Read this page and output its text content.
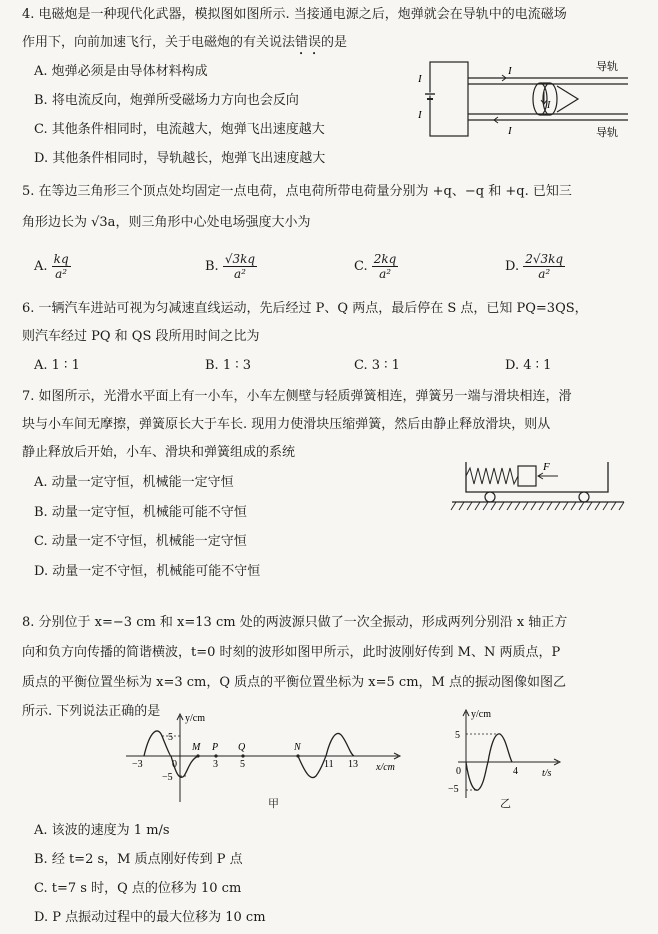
4. 电磁炮是一种现代化武器，模拟图如图所示. 当接通电源之后，炮弹就会在导轨中的电流磁场
作用下，向前加速飞行，关于电磁炮的有关说法错误的是
A. 炮弹必须是由导体材料构成
B. 将电流反向，炮弹所受磁场力方向也会反向
C. 其他条件相同时，电流越大，炮弹飞出速度越大
D. 其他条件相同时，导轨越长，炮弹飞出速度越大
I
I
I
I
I
导轨
导轨
5. 在等边三角形三个顶点处均固定一点电荷，点电荷所带电荷量分别为 +q、−q 和 +q. 已知三
角形边长为 √3a，则三角形中心处电场强度大小为
A. $\frac{kq}{\text{a²}}$	B. $\frac{√3kq}{\text{a²}}$	C. $\frac{2kq}{\text{a²}}$	D. $\frac{2√3kq}{\text{a²}}$
6. 一辆汽车进站可视为匀减速直线运动，先后经过 P、Q 两点，最后停在 S 点，已知 PQ=3QS，
则汽车经过 PQ 和 QS 段所用时间之比为
A. 1 ∶ 1	B. 1 ∶ 3	C. 3 ∶ 1	D. 4 ∶ 1
7. 如图所示，光滑水平面上有一小车，小车左侧壁与轻质弹簧相连，弹簧另一端与滑块相连，滑
块与小车间无摩擦，弹簧原长大于车长. 现用力使滑块压缩弹簧，然后由静止释放滑块，则从
静止释放后开始，小车、滑块和弹簧组成的系统
A. 动量一定守恒，机械能一定守恒
B. 动量一定守恒，机械能可能不守恒
C. 动量一定不守恒，机械能一定守恒
D. 动量一定不守恒，机械能可能不守恒
F
8. 分别位于 x=−3 cm 和 x=13 cm 处的两波源只做了一次全振动，形成两列分别沿 x 轴正方
向和负方向传播的简谐横波，t=0 时刻的波形如图甲所示，此时波刚好传到 M、N 两质点，P
质点的平衡位置坐标为 x=3 cm，Q 质点的平衡位置坐标为 x=5 cm，M 点的振动图像如图乙
所示. 下列说法正确的是 y/cm
x/cm
5
−5
0
−3	3 5	11 13
M P Q	N
甲
y/cm
t/s
5
−5
0	4
乙
A. 该波的速度为 1 m/s
B. 经 t=2 s，M 质点刚好传到 P 点
C. t=7 s 时，Q 点的位移为 10 cm
D. P 点振动过程中的最大位移为 10 cm
